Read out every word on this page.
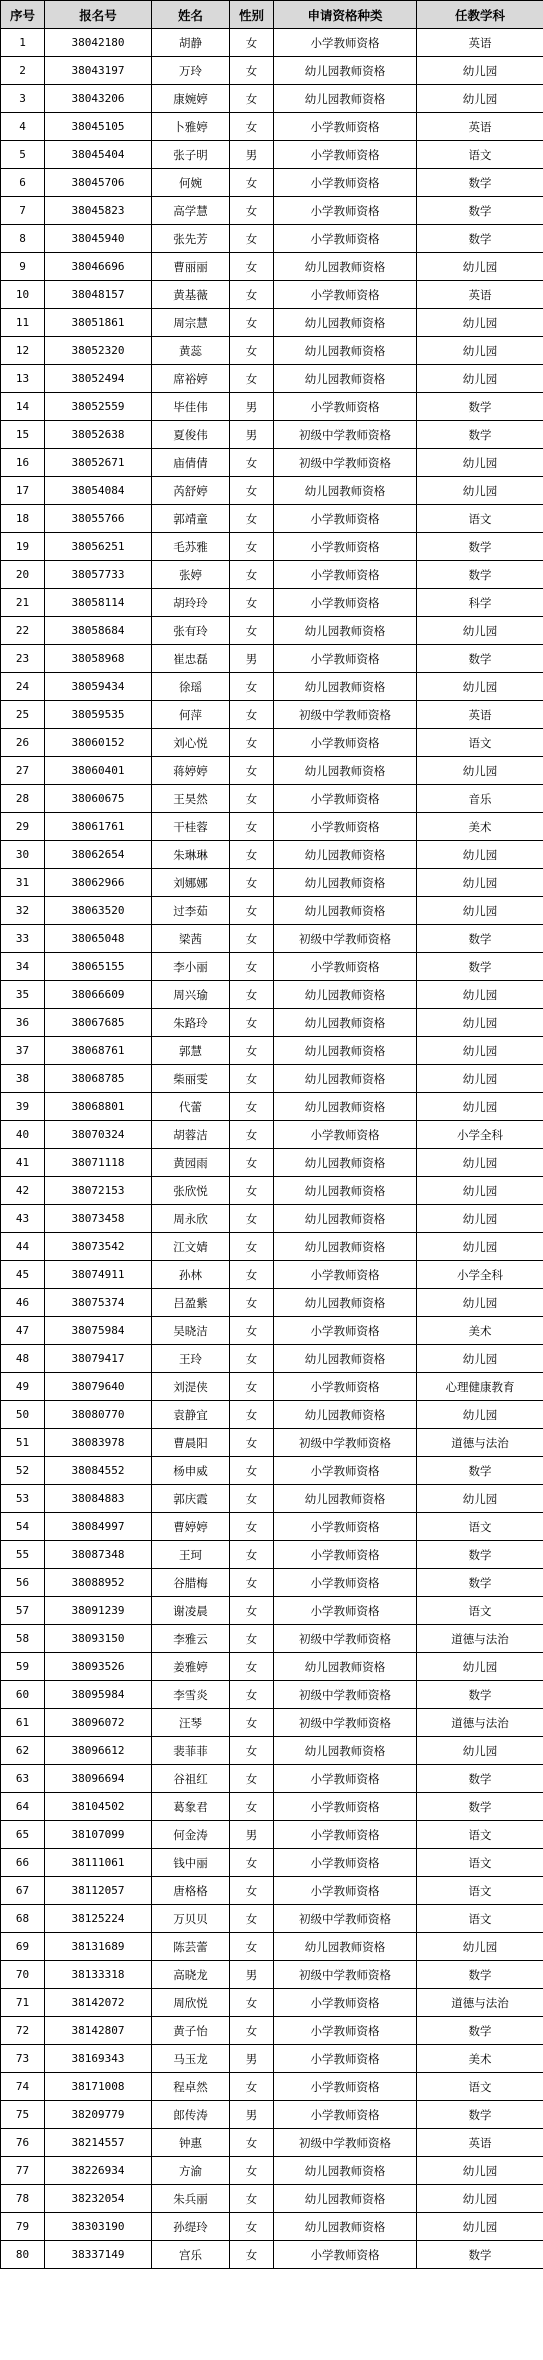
序号	报名号	姓名	性别	申请资格种类	任教学科
1	38042180	胡静	女	小学教师资格	英语
2	38043197	万玲	女	幼儿园教师资格	幼儿园
3	38043206	康婉婷	女	幼儿园教师资格	幼儿园
4	38045105	卜雅婷	女	小学教师资格	英语
5	38045404	张子明	男	小学教师资格	语文
6	38045706	何婉	女	小学教师资格	数学
7	38045823	高学慧	女	小学教师资格	数学
8	38045940	张先芳	女	小学教师资格	数学
9	38046696	曹丽丽	女	幼儿园教师资格	幼儿园
10	38048157	黄基薇	女	小学教师资格	英语
11	38051861	周宗慧	女	幼儿园教师资格	幼儿园
12	38052320	黄蕊	女	幼儿园教师资格	幼儿园
13	38052494	席裕婷	女	幼儿园教师资格	幼儿园
14	38052559	毕佳伟	男	小学教师资格	数学
15	38052638	夏俊伟	男	初级中学教师资格	数学
16	38052671	庙倩倩	女	初级中学教师资格	幼儿园
17	38054084	芮舒婷	女	幼儿园教师资格	幼儿园
18	38055766	郭靖童	女	小学教师资格	语文
19	38056251	毛苏雅	女	小学教师资格	数学
20	38057733	张婷	女	小学教师资格	数学
21	38058114	胡玲玲	女	小学教师资格	科学
22	38058684	张有玲	女	幼儿园教师资格	幼儿园
23	38058968	崔忠磊	男	小学教师资格	数学
24	38059434	徐瑶	女	幼儿园教师资格	幼儿园
25	38059535	何萍	女	初级中学教师资格	英语
26	38060152	刘心悦	女	小学教师资格	语文
27	38060401	蒋婷婷	女	幼儿园教师资格	幼儿园
28	38060675	王昊然	女	小学教师资格	音乐
29	38061761	干桂蓉	女	小学教师资格	美术
30	38062654	朱琳琳	女	幼儿园教师资格	幼儿园
31	38062966	刘娜娜	女	幼儿园教师资格	幼儿园
32	38063520	过李茹	女	幼儿园教师资格	幼儿园
33	38065048	梁茜	女	初级中学教师资格	数学
34	38065155	李小丽	女	小学教师资格	数学
35	38066609	周兴瑜	女	幼儿园教师资格	幼儿园
36	38067685	朱路玲	女	幼儿园教师资格	幼儿园
37	38068761	郭慧	女	幼儿园教师资格	幼儿园
38	38068785	柴丽雯	女	幼儿园教师资格	幼儿园
39	38068801	代蕾	女	幼儿园教师资格	幼儿园
40	38070324	胡蓉洁	女	小学教师资格	小学全科
41	38071118	黄园雨	女	幼儿园教师资格	幼儿园
42	38072153	张欣悦	女	幼儿园教师资格	幼儿园
43	38073458	周永欣	女	幼儿园教师资格	幼儿园
44	38073542	江文婧	女	幼儿园教师资格	幼儿园
45	38074911	孙林	女	小学教师资格	小学全科
46	38075374	吕盈紫	女	幼儿园教师资格	幼儿园
47	38075984	吴晓洁	女	小学教师资格	美术
48	38079417	王玲	女	幼儿园教师资格	幼儿园
49	38079640	刘湜侠	女	小学教师资格	心理健康教育
50	38080770	袁静宜	女	幼儿园教师资格	幼儿园
51	38083978	曹晨阳	女	初级中学教师资格	道德与法治
52	38084552	杨申威	女	小学教师资格	数学
53	38084883	郭庆霞	女	幼儿园教师资格	幼儿园
54	38084997	曹婷婷	女	小学教师资格	语文
55	38087348	王珂	女	小学教师资格	数学
56	38088952	谷腊梅	女	小学教师资格	数学
57	38091239	谢凌晨	女	小学教师资格	语文
58	38093150	李雅云	女	初级中学教师资格	道德与法治
59	38093526	姜雅婷	女	幼儿园教师资格	幼儿园
60	38095984	李雪炎	女	初级中学教师资格	数学
61	38096072	汪琴	女	初级中学教师资格	道德与法治
62	38096612	裴菲菲	女	幼儿园教师资格	幼儿园
63	38096694	谷祖红	女	小学教师资格	数学
64	38104502	葛象君	女	小学教师资格	数学
65	38107099	何金涛	男	小学教师资格	语文
66	38111061	钱中丽	女	小学教师资格	语文
67	38112057	唐格格	女	小学教师资格	语文
68	38125224	万贝贝	女	初级中学教师资格	语文
69	38131689	陈芸蕾	女	幼儿园教师资格	幼儿园
70	38133318	高晓龙	男	初级中学教师资格	数学
71	38142072	周欣悦	女	小学教师资格	道德与法治
72	38142807	黄子怡	女	小学教师资格	数学
73	38169343	马玉龙	男	小学教师资格	美术
74	38171008	程卓然	女	小学教师资格	语文
75	38209779	郎传涛	男	小学教师资格	数学
76	38214557	钟惠	女	初级中学教师资格	英语
77	38226934	方渝	女	幼儿园教师资格	幼儿园
78	38232054	朱兵丽	女	幼儿园教师资格	幼儿园
79	38303190	孙缇玲	女	幼儿园教师资格	幼儿园
80	38337149	宫乐	女	小学教师资格	数学
